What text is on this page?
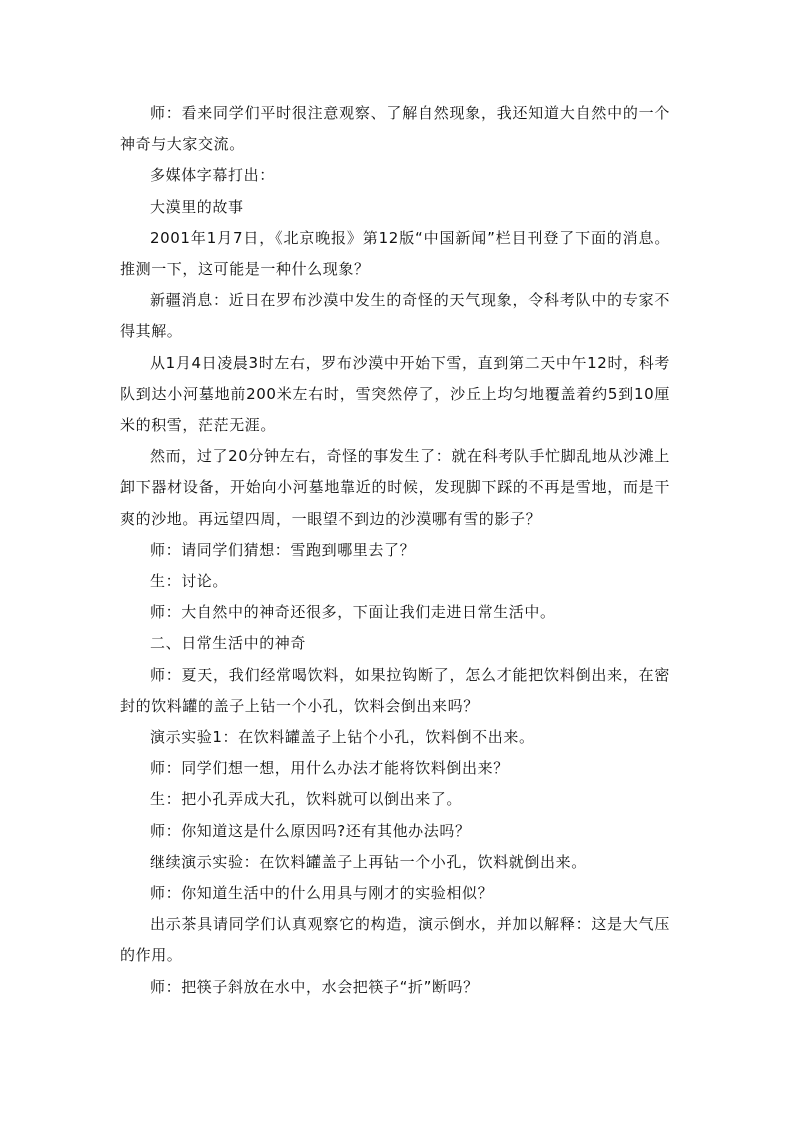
师：看来同学们平时很注意观察、了解自然现象，我还知道大自然中的一个神奇与大家交流。

多媒体字幕打出：

大漠里的故事

2001年1月7日，《北京晚报》第12版“中国新闻”栏目刊登了下面的消息。推测一下，这可能是一种什么现象？

新疆消息：近日在罗布沙漠中发生的奇怪的天气现象，令科考队中的专家不得其解。

从1月4日凌晨3时左右，罗布沙漠中开始下雪，直到第二天中午12时，科考队到达小河墓地前200米左右时，雪突然停了，沙丘上均匀地覆盖着约5到10厘米的积雪，茫茫无涯。

然而，过了20分钟左右，奇怪的事发生了：就在科考队手忙脚乱地从沙滩上卸下器材设备，开始向小河墓地靠近的时候，发现脚下踩的不再是雪地，而是干爽的沙地。再远望四周，一眼望不到边的沙漠哪有雪的影子？

师：请同学们猜想：雪跑到哪里去了？

生：讨论。

师：大自然中的神奇还很多，下面让我们走进日常生活中。

二、日常生活中的神奇

师：夏天，我们经常喝饮料，如果拉钩断了，怎么才能把饮料倒出来，在密封的饮料罐的盖子上钻一个小孔，饮料会倒出来吗？

演示实验1：在饮料罐盖子上钻个小孔，饮料倒不出来。

师：同学们想一想，用什么办法才能将饮料倒出来？

生：把小孔弄成大孔，饮料就可以倒出来了。

师：你知道这是什么原因吗?还有其他办法吗？

继续演示实验：在饮料罐盖子上再钻一个小孔，饮料就倒出来。

师：你知道生活中的什么用具与刚才的实验相似？

出示茶具请同学们认真观察它的构造，演示倒水，并加以解释：这是大气压的作用。

师：把筷子斜放在水中，水会把筷子“折”断吗？
